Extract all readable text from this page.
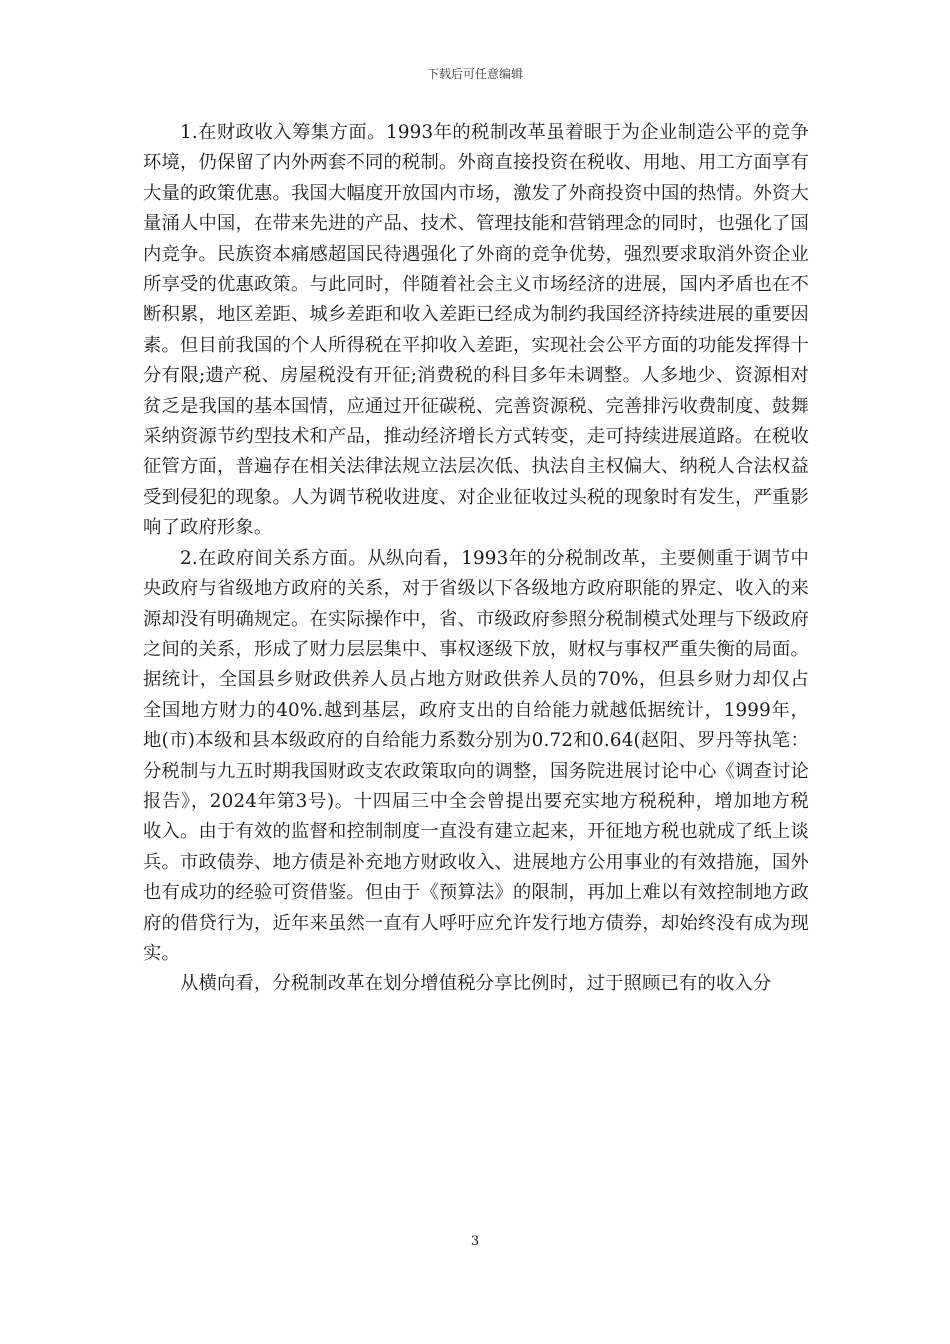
下载后可任意编辑

1.在财政收入筹集方面。1993年的税制改革虽着眼于为企业制造公平的竞争环境，仍保留了内外两套不同的税制。外商直接投资在税收、用地、用工方面享有大量的政策优惠。我国大幅度开放国内市场，激发了外商投资中国的热情。外资大量涌人中国，在带来先进的产品、技术、管理技能和营销理念的同时，也强化了国内竞争。民族资本痛感超国民待遇强化了外商的竞争优势，强烈要求取消外资企业所享受的优惠政策。与此同时，伴随着社会主义市场经济的进展，国内矛盾也在不断积累，地区差距、城乡差距和收入差距已经成为制约我国经济持续进展的重要因素。但目前我国的个人所得税在平抑收入差距，实现社会公平方面的功能发挥得十分有限;遗产税、房屋税没有开征;消费税的科目多年未调整。人多地少、资源相对贫乏是我国的基本国情，应通过开征碳税、完善资源税、完善排污收费制度、鼓舞采纳资源节约型技术和产品，推动经济增长方式转变，走可持续进展道路。在税收征管方面，普遍存在相关法律法规立法层次低、执法自主权偏大、纳税人合法权益受到侵犯的现象。人为调节税收进度、对企业征收过头税的现象时有发生，严重影响了政府形象。

2.在政府间关系方面。从纵向看，1993年的分税制改革，主要侧重于调节中央政府与省级地方政府的关系，对于省级以下各级地方政府职能的界定、收入的来源却没有明确规定。在实际操作中，省、市级政府参照分税制模式处理与下级政府之间的关系，形成了财力层层集中、事权逐级下放，财权与事权严重失衡的局面。据统计，全国县乡财政供养人员占地方财政供养人员的70%，但县乡财力却仅占全国地方财力的40%.越到基层，政府支出的自给能力就越低据统计，1999年，地(市)本级和县本级政府的自给能力系数分别为0.72和0.64(赵阳、罗丹等执笔：分税制与九五时期我国财政支农政策取向的调整，国务院进展讨论中心《调查讨论报告》，2024年第3号)。十四届三中全会曾提出要充实地方税税种，增加地方税收入。由于有效的监督和控制制度一直没有建立起来，开征地方税也就成了纸上谈兵。市政债券、地方债是补充地方财政收入、进展地方公用事业的有效措施，国外也有成功的经验可资借鉴。但由于《预算法》的限制，再加上难以有效控制地方政府的借贷行为，近年来虽然一直有人呼吁应允许发行地方债券，却始终没有成为现实。

从横向看，分税制改革在划分增值税分享比例时，过于照顾已有的收入分

3
